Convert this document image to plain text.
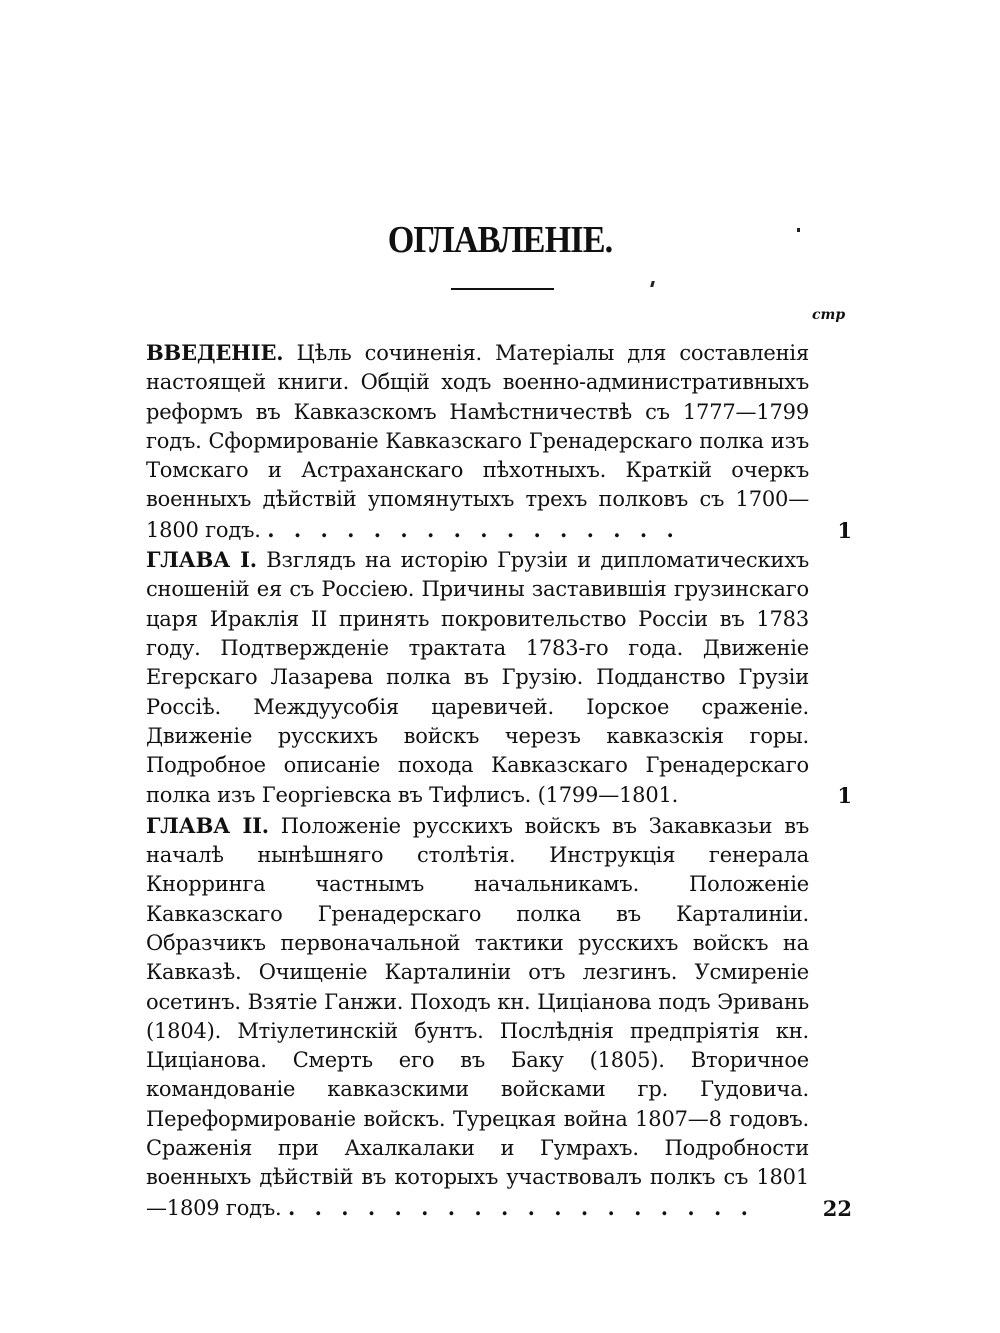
ОГЛАВЛЕНІЕ.
стр
ВВЕДЕНІЕ. Цѣль сочиненія. Матеріалы для составленія настоящей книги. Общій ходъ военно-административныхъ реформъ въ Кавказскомъ Намѣстничествѣ съ 1777—1799 годъ. Сформированіе Кавказскаго Гренадерскаго полка изъ Томскаго и Астраханскаго пѣхотныхъ. Краткій очеркъ военныхъ дѣйствій упомянутыхъ трехъ полковъ съ 1700— 1800 годъ. . . . . . . . . . . . . . . . .	1
ГЛАВА I. Взглядъ на исторію Грузіи и дипломатическихъ сношеній ея съ Россіею. Причины заставившія грузинскаго царя Ираклія II принять покровительство Россіи въ 1783 году. Подтвержденіе трактата 1783-го года. Движеніе Егерскаго Лазарева полка въ Грузію. Подданство Грузіи Россіѣ. Междуусобія царевичей. Іорское сраженіе. Движеніе русскихъ войскъ черезъ кавказскія горы. Подробное описаніе похода Кавказскаго Гренадерскаго полка изъ Георгіевска въ Тифлисъ. (1799—1801.	1
ГЛАВА II. Положеніе русскихъ войскъ въ Закавказьи въ началѣ нынѣшняго столѣтія. Инструкція генерала Кнорринга частнымъ начальникамъ. Положеніе Кавказскаго Гренадерскаго полка въ Карталиніи. Образчикъ первоначальной тактики русскихъ войскъ на Кавказѣ. Очищеніе Карталиніи отъ лезгинъ. Усмиреніе осетинъ. Взятіе Ганжи. Походъ кн. Циціанова подъ Эривань (1804). Мтіулетинскій бунтъ. Послѣднія предпріятія кн. Циціанова. Смерть его въ Баку (1805). Вторичное командованіе кавказскими войсками гр. Гудовича. Переформированіе войскъ. Турецкая война 1807—8 годовъ. Сраженія при Ахалкалаки и Гумрахъ. Подробности военныхъ дѣйствій въ которыхъ участвовалъ полкъ съ 1801—1809 годъ. . . . . . . . . . . . . . . . . . .	22
